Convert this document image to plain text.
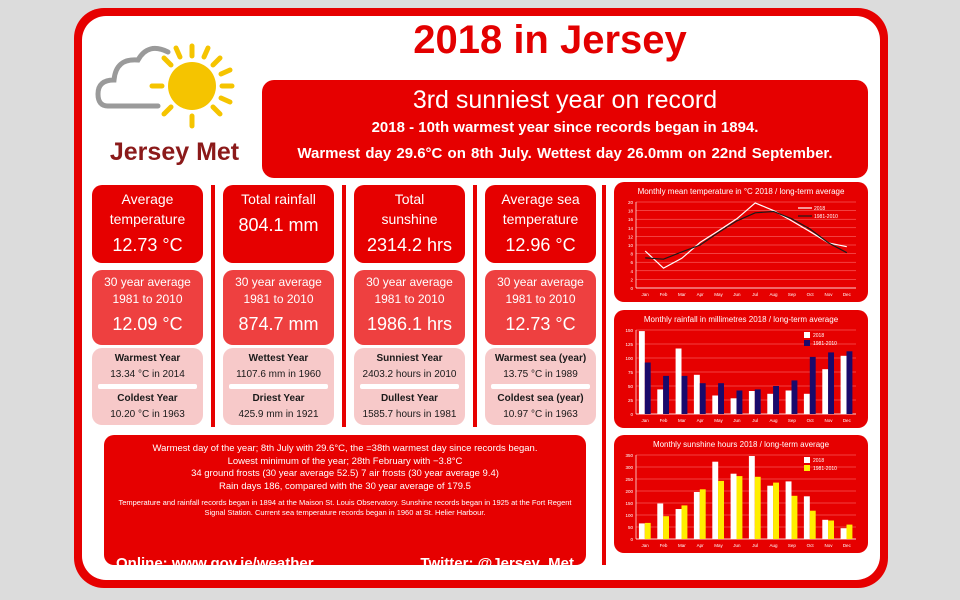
2018 in Jersey
Jersey Met
3rd sunniest year on record
2018 - 10th warmest year since records began in 1894.
Warmest day 29.6°C on 8th July. Wettest day 26.0mm on 22nd September.
Average temperature
12.73 °C
30 year average
1981 to 2010
12.09 °C
Warmest Year
13.34 °C in 2014
Coldest Year
10.20 °C in 1963
Total rainfall
804.1 mm
30 year average
1981 to 2010
874.7 mm
Wettest Year
1107.6 mm in 1960
Driest Year
425.9 mm in 1921
Total sunshine
2314.2 hrs
30 year average
1981 to 2010
1986.1 hrs
Sunniest Year
2403.2 hours in 2010
Dullest Year
1585.7 hours in 1981
Average sea temperature
12.96 °C
30 year average
1981 to 2010
12.73 °C
Warmest sea (year)
13.75 °C in 1989
Coldest sea (year)
10.97 °C in 1963
Warmest day of the year; 8th July with 29.6°C, the =38th warmest day since records began.
Lowest minimum of the year; 28th February with −3.8°C
34 ground frosts (30 year average 52.5) 7 air frosts (30 year average 9.4)
Rain days 186, compared with the 30 year average of 179.5
Temperature and rainfall records began in 1894 at the Maison St. Louis Observatory. Sunshine records began in 1925 at the Fort Regent Signal Station. Current sea temperature records began in 1960 at St. Helier Harbour.
Online: www.gov.je/weather	Twitter: @Jersey_Met
Monthly mean temperature in °C 2018 / long-term average
0
2
4
6
8
10
12
14
16
18
20
Jan Feb Mar Apr May Jun	Jul	Aug Sep Oct Nov Dec
2018
1981-2010
Monthly rainfall in millimetres 2018 / long-term average
0
25
50
75
100
125
150
Jan Feb Mar Apr May Jun	Jul	Aug Sep Oct Nov Dec
2018
1981-2010
Monthly sunshine hours 2018 / long-term average
0
50
100
150
200
250
300
350
Jan Feb Mar Apr May Jun	Jul	Aug Sep Oct Nov Dec
2018
1981-2010
